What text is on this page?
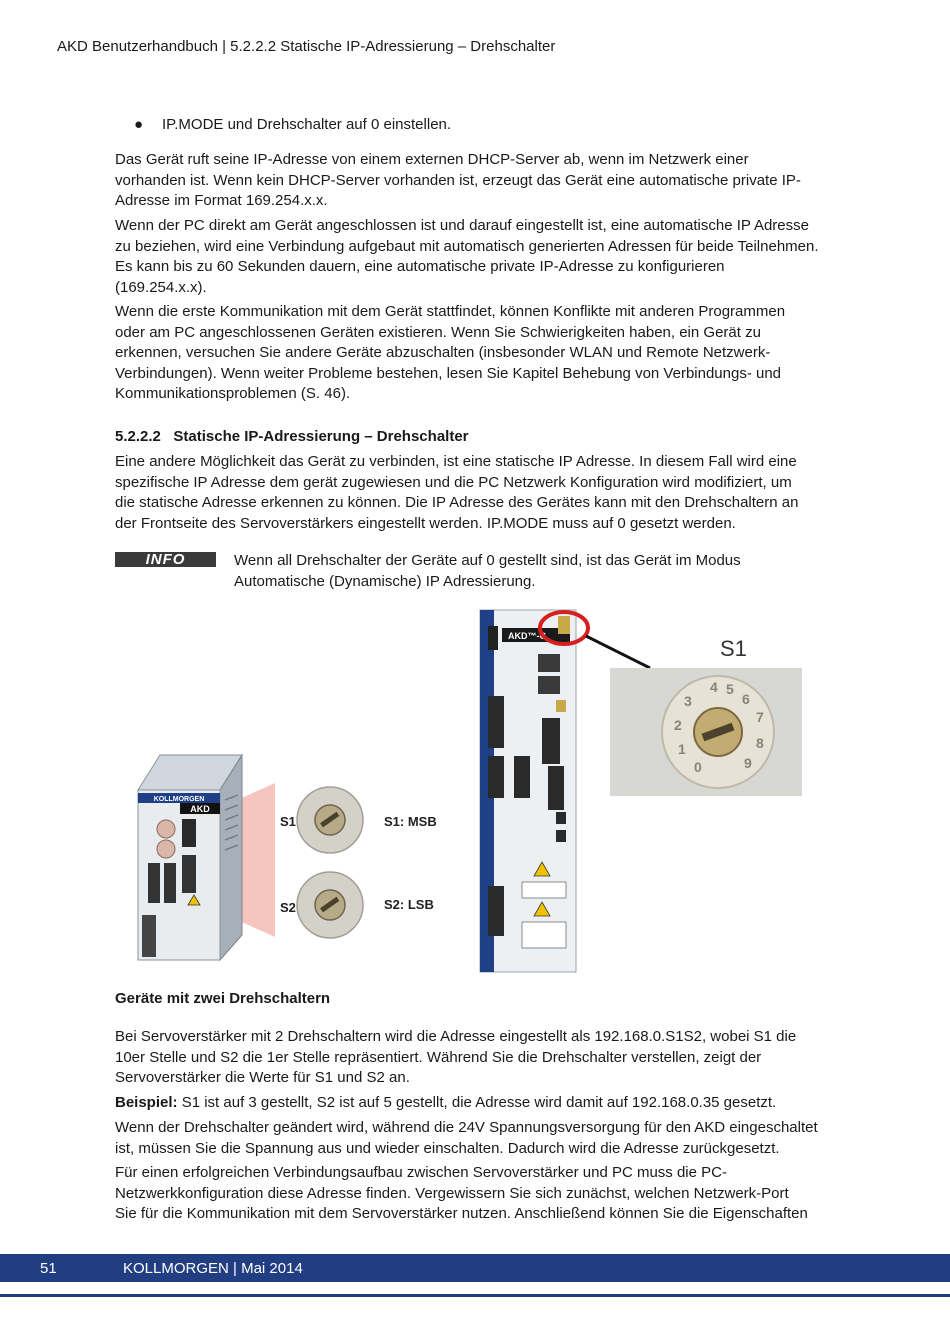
AKD Benutzerhandbuch | 5.2.2.2 Statische IP-Adressierung – Drehschalter
● IP.MODE und Drehschalter auf 0 einstellen.
Das Gerät ruft seine IP-Adresse von einem externen DHCP-Server ab, wenn im Netzwerk einer
vorhanden ist. Wenn kein DHCP-Server vorhanden ist, erzeugt das Gerät eine automatische private IP-
Adresse im Format 169.254.x.x.
Wenn der PC direkt am Gerät angeschlossen ist und darauf eingestellt ist, eine automatische IP Adresse
zu beziehen, wird eine Verbindung aufgebaut mit automatisch generierten Adressen für beide Teilnehmen.
Es kann bis zu 60 Sekunden dauern, eine automatische private IP-Adresse zu konfigurieren
(169.254.x.x).
Wenn die erste Kommunikation mit dem Gerät stattfindet, können Konflikte mit anderen Programmen
oder am PC angeschlossenen Geräten existieren. Wenn Sie Schwierigkeiten haben, ein Gerät zu
erkennen, versuchen Sie andere Geräte abzuschalten (insbesonder WLAN und Remote Netzwerk-
Verbindungen). Wenn weiter Probleme bestehen, lesen Sie Kapitel Behebung von Verbindungs- und
Kommunikationsproblemen (S. 46).
5.2.2.2 Statische IP-Adressierung – Drehschalter
Eine andere Möglichkeit das Gerät zu verbinden, ist eine statische IP Adresse. In diesem Fall wird eine
spezifische IP Adresse dem gerät zugewiesen und die PC Netzwerk Konfiguration wird modifiziert, um
die statische Adresse erkennen zu können. Die IP Adresse des Gerätes kann mit den Drehschaltern an
der Frontseite des Servoverstärkers eingestellt werden. IP.MODE muss auf 0 gesetzt werden.
INFO	Wenn all Drehschalter der Geräte auf 0 gestellt sind, ist das Gerät im Modus
Automatische (Dynamische) IP Adressierung.
KOLLMORGEN
AKD
S1
S2
S1: MSB
S2: LSB
AKD™-C	S1
4 5
6
7
8
9
3
2
1
0
Geräte mit zwei Drehschaltern
Bei Servoverstärker mit 2 Drehschaltern wird die Adresse eingestellt als 192.168.0.S1S2, wobei S1 die
10er Stelle und S2 die 1er Stelle repräsentiert. Während Sie die Drehschalter verstellen, zeigt der
Servoverstärker die Werte für S1 und S2 an.
Beispiel: S1 ist auf 3 gestellt, S2 ist auf 5 gestellt, die Adresse wird damit auf 192.168.0.35 gesetzt.
Wenn der Drehschalter geändert wird, während die 24V Spannungsversorgung für den AKD eingeschaltet
ist, müssen Sie die Spannung aus und wieder einschalten. Dadurch wird die Adresse zurückgesetzt.
Für einen erfolgreichen Verbindungsaufbau zwischen Servoverstärker und PC muss die PC-
Netzwerkkonfiguration diese Adresse finden. Vergewissern Sie sich zunächst, welchen Netzwerk-Port
Sie für die Kommunikation mit dem Servoverstärker nutzen. Anschließend können Sie die Eigenschaften
51	KOLLMORGEN | Mai 2014
